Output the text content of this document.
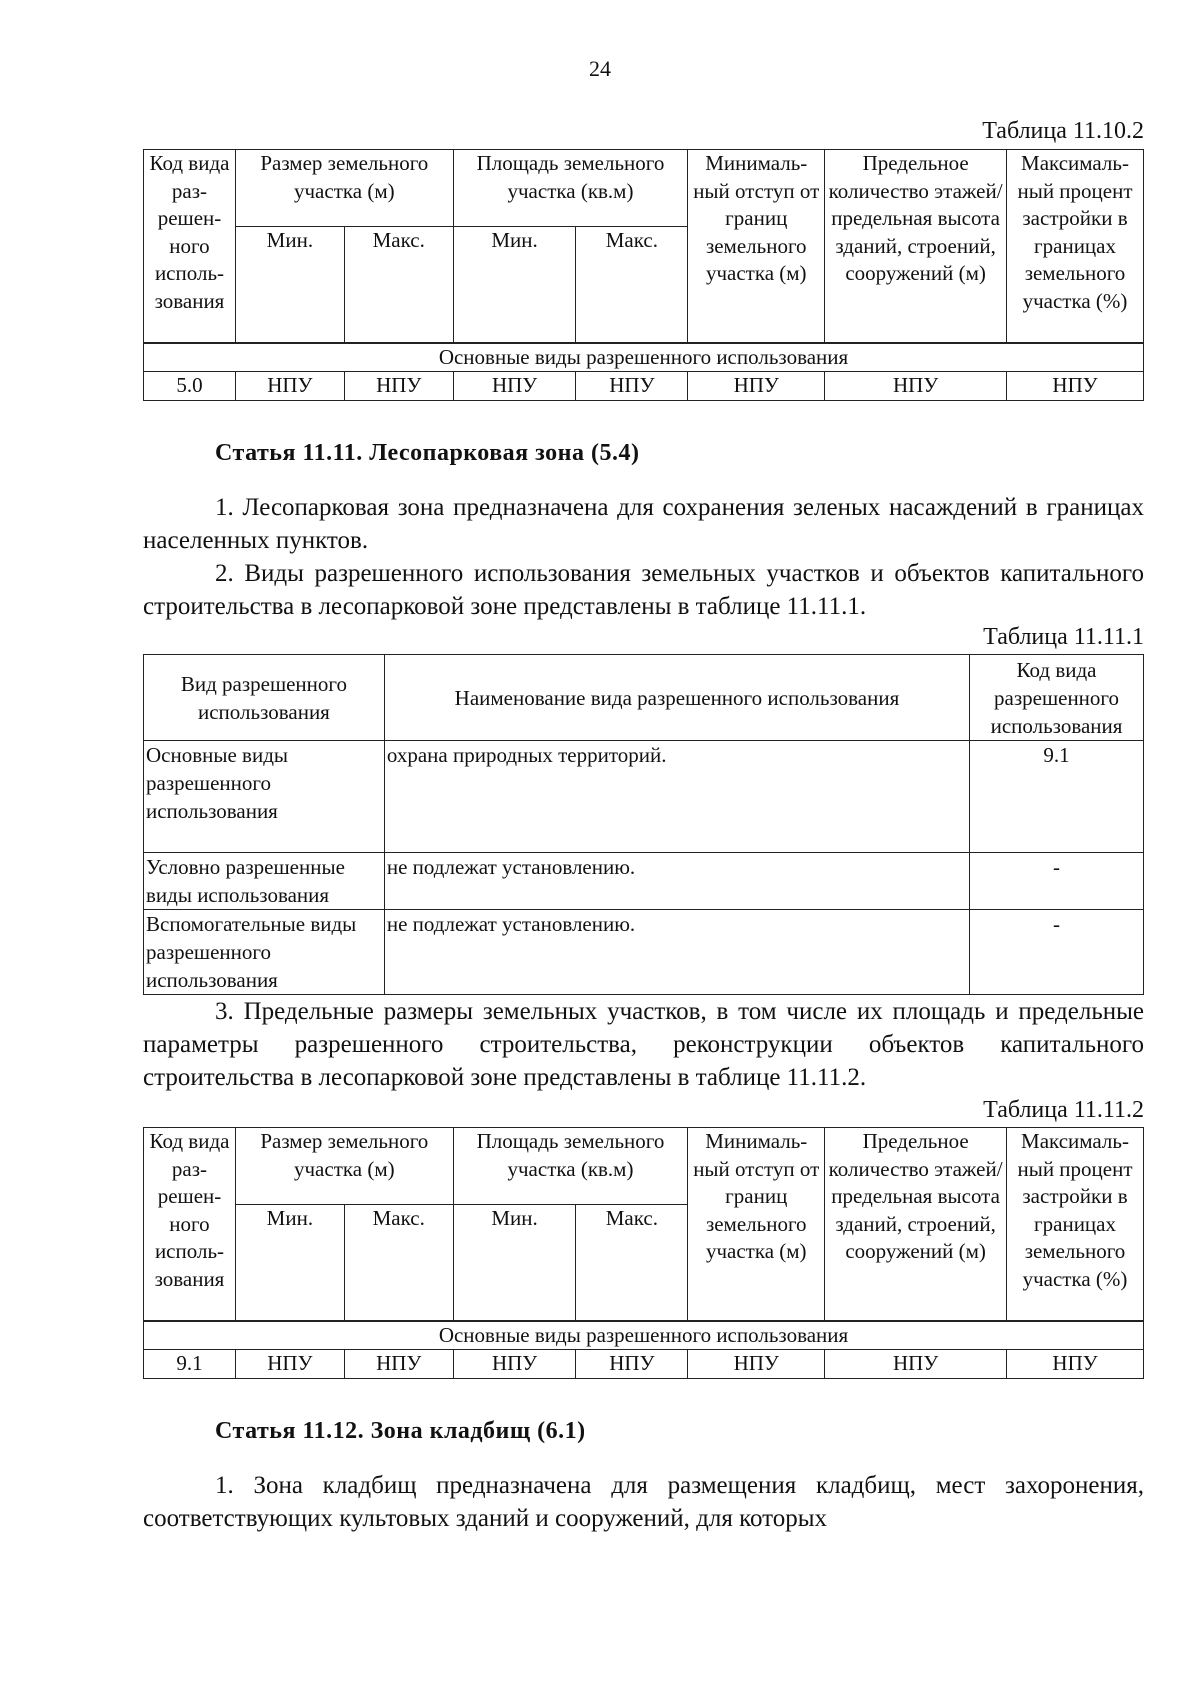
24
Таблица 11.10.2
Код вида раз- решен- ного исполь- зования	Размер земельного участка (м)		Площадь земельного участка (кв.м)		Минималь- ный отступ от границ земельного участка (м)	Предельное количество этажей/ предельная высота зданий, строений, сооружений (м)	Максималь- ный процент застройки в границах земельного участка (%)
	Мин.	Макс.	Мин.	Макс.			
Основные виды разрешенного использования							
5.0	НПУ	НПУ	НПУ	НПУ	НПУ	НПУ	НПУ
Статья 11.11. Лесопарковая зона (5.4)
1. Лесопарковая зона предназначена для сохранения зеленых насаждений в границах населенных пунктов.
2. Виды разрешенного использования земельных участков и объектов капитального строительства в лесопарковой зоне представлены в таблице 11.11.1.
Таблица 11.11.1
Вид разрешенного использования	Наименование вида разрешенного использования	Код вида разрешенного использования
Основные виды разрешенного использования	охрана природных территорий.	9.1
Условно разрешенные виды использования	не подлежат установлению.	-
Вспомогательные виды разрешенного использования	не подлежат установлению.	-
3. Предельные размеры земельных участков, в том числе их площадь и предельные параметры разрешенного строительства, реконструкции объектов капитального строительства в лесопарковой зоне представлены в таблице 11.11.2.
Таблица 11.11.2
Код вида раз- решен- ного исполь- зования	Размер земельного участка (м)		Площадь земельного участка (кв.м)		Минималь- ный отступ от границ земельного участка (м)	Предельное количество этажей/ предельная высота зданий, строений, сооружений (м)	Максималь- ный процент застройки в границах земельного участка (%)
	Мин.	Макс.	Мин.	Макс.			
Основные виды разрешенного использования							
9.1	НПУ	НПУ	НПУ	НПУ	НПУ	НПУ	НПУ
Статья 11.12. Зона кладбищ (6.1)
1. Зона кладбищ предназначена для размещения кладбищ, мест захоронения, соответствующих культовых зданий и сооружений, для которых
